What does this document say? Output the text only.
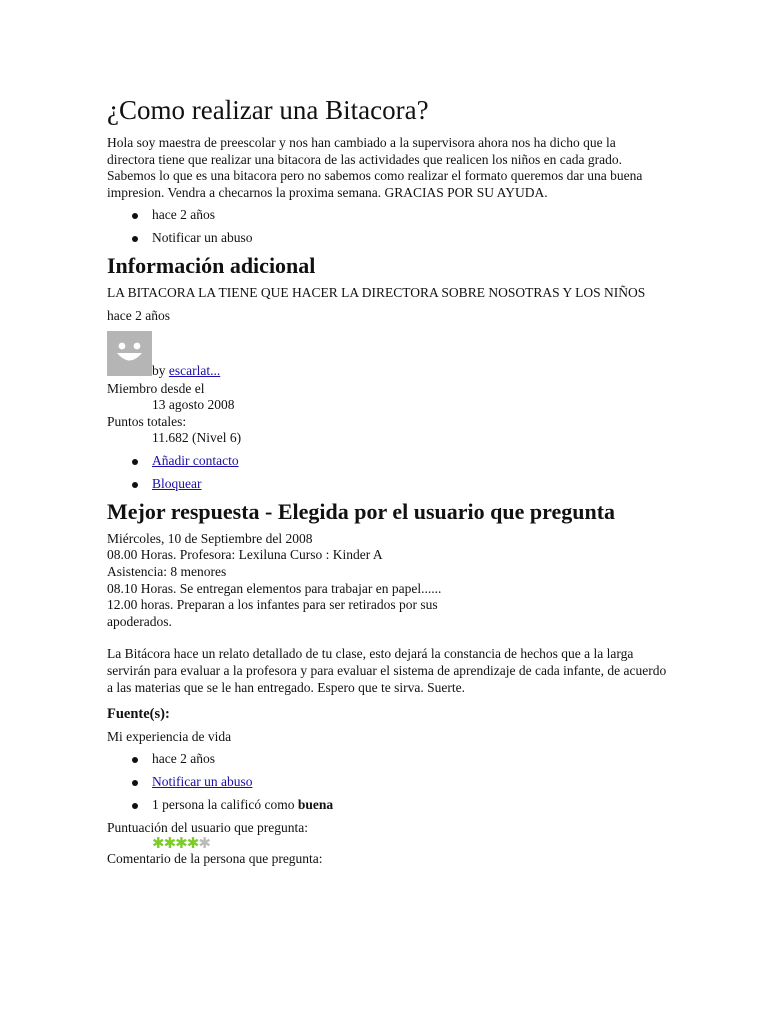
¿Como realizar una Bitacora?

Hola soy maestra de preescolar y nos han cambiado a la supervisora ahora nos ha dicho que la directora tiene que realizar una bitacora de las actividades que realicen los niños en cada grado. Sabemos lo que es una bitacora pero no sabemos como realizar el formato queremos dar una buena impresion. Vendra a checarnos la proxima semana. GRACIAS POR SU AYUDA.

hace 2 años
Notificar un abuso
Información adicional

LA BITACORA LA TIENE QUE HACER LA DIRECTORA SOBRE NOSOTRAS Y LOS NIÑOS

hace 2 años

by escarlat...
Miembro desde el
13 agosto 2008
Puntos totales:
11.682 (Nivel 6)
Añadir contacto
Bloquear
Mejor respuesta - Elegida por el usuario que pregunta

Miércoles, 10 de Septiembre del 2008

08.00 Horas. Profesora: Lexiluna Curso : Kinder A

Asistencia: 8 menores

08.10 Horas. Se entregan elementos para trabajar en papel......

12.00 horas. Preparan a los infantes para ser retirados por sus apoderados.

La Bitácora hace un relato detallado de tu clase, esto dejará la constancia de hechos que a la larga servirán para evaluar a la profesora y para evaluar el sistema de aprendizaje de cada infante, de acuerdo a las materias que se le han entregado. Espero que te sirva. Suerte.

Fuente(s):

Mi experiencia de vida

hace 2 años
Notificar un abuso
1 persona la calificó como buena

Puntuación del usuario que pregunta:

✱✱✱✱✱

Comentario de la persona que pregunta:
